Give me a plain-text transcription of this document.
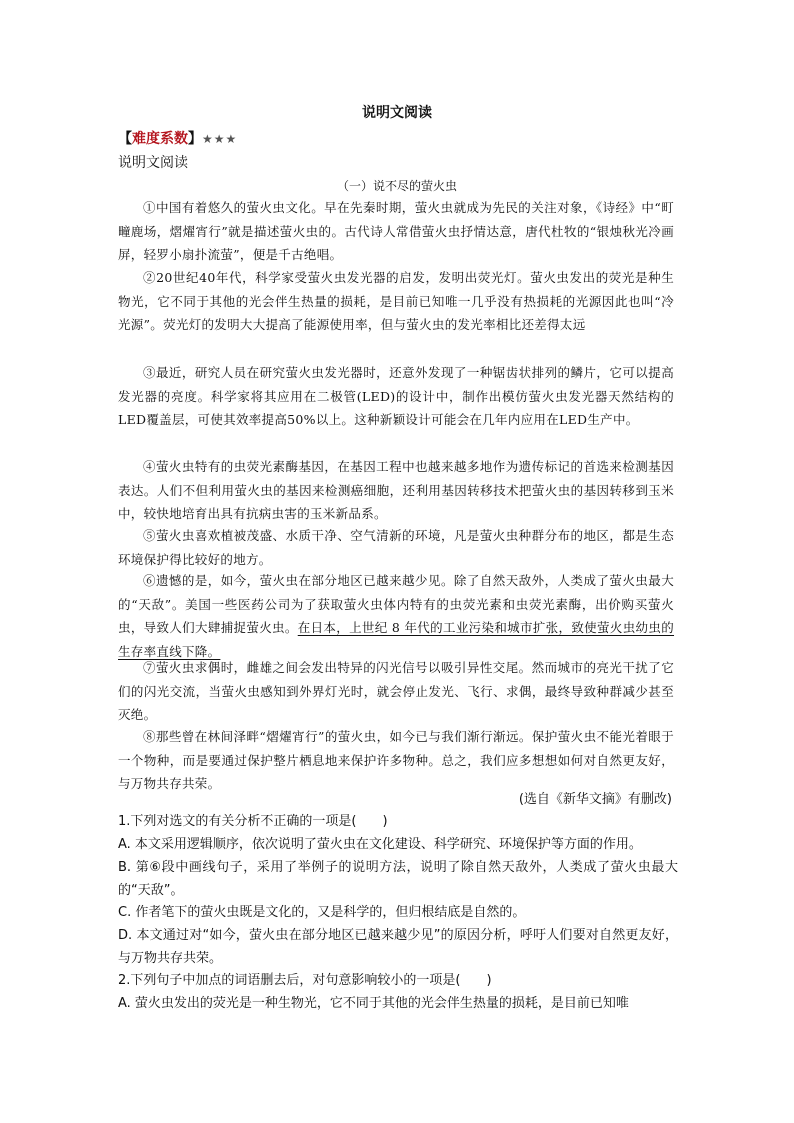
说明文阅读
【难度系数】★★★
说明文阅读
（一）说不尽的萤火虫
①中国有着悠久的萤火虫文化。早在先秦时期，萤火虫就成为先民的关注对象，《诗经》中“町疃鹿场，熠燿宵行”就是描述萤火虫的。古代诗人常借萤火虫抒情达意，唐代杜牧的“银烛秋光冷画屏，轻罗小扇扑流萤”，便是千古绝唱。
②20世纪40年代，科学家受萤火虫发光器的启发，发明出荧光灯。萤火虫发出的荧光是种生物光，它不同于其他的光会伴生热量的损耗，是目前已知唯一几乎没有热损耗的光源因此也叫“冷光源”。荧光灯的发明大大提高了能源使用率，但与萤火虫的发光率相比还差得太远
③最近，研究人员在研究萤火虫发光器时，还意外发现了一种锯齿状排列的鳞片，它可以提高发光器的亮度。科学家将其应用在二极管(LED)的设计中，制作出模仿萤火虫发光器天然结构的LED覆盖层，可使其效率提高50%以上。这种新颖设计可能会在几年内应用在LED生产中。
④萤火虫特有的虫荧光素酶基因，在基因工程中也越来越多地作为遗传标记的首选来检测基因表达。人们不但利用萤火虫的基因来检测癌细胞，还利用基因转移技术把萤火虫的基因转移到玉米中，较快地培育出具有抗病虫害的玉米新品系。
⑤萤火虫喜欢植被茂盛、水质干净、空气清新的环境，凡是萤火虫种群分布的地区，都是生态环境保护得比较好的地方。
⑥遗憾的是，如今，萤火虫在部分地区已越来越少见。除了自然天敌外，人类成了萤火虫最大的“天敌”。美国一些医药公司为了获取萤火虫体内特有的虫荧光素和虫荧光素酶，出价购买萤火虫，导致人们大肆捕捉萤火虫。在日本，上世纪 8 年代的工业污染和城市扩张，致使萤火虫幼虫的生存率直线下降。
⑦萤火虫求偶时，雌雄之间会发出特异的闪光信号以吸引异性交尾。然而城市的亮光干扰了它们的闪光交流，当萤火虫感知到外界灯光时，就会停止发光、飞行、求偶，最终导致种群减少甚至灭绝。
⑧那些曾在林间泽畔“熠燿宵行”的萤火虫，如今已与我们渐行渐远。保护萤火虫不能光着眼于一个物种，而是要通过保护整片栖息地来保护许多物种。总之，我们应多想想如何对自然更友好，与万物共存共荣。
(选自《新华文摘》有删改)
1.下列对选文的有关分析不正确的一项是(　　)
A. 本文采用逻辑顺序，依次说明了萤火虫在文化建设、科学研究、环境保护等方面的作用。
B. 第⑥段中画线句子，采用了举例子的说明方法，说明了除自然天敌外，人类成了萤火虫最大的“天敌”。
C. 作者笔下的萤火虫既是文化的，又是科学的，但归根结底是自然的。
D. 本文通过对“如今，萤火虫在部分地区已越来越少见”的原因分析，呼吁人们要对自然更友好，与万物共存共荣。
2.下列句子中加点的词语删去后，对句意影响较小的一项是(　　)
A. 萤火虫发出的荧光是一种生物光，它不同于其他的光会伴生热量的损耗，是目前已知唯
